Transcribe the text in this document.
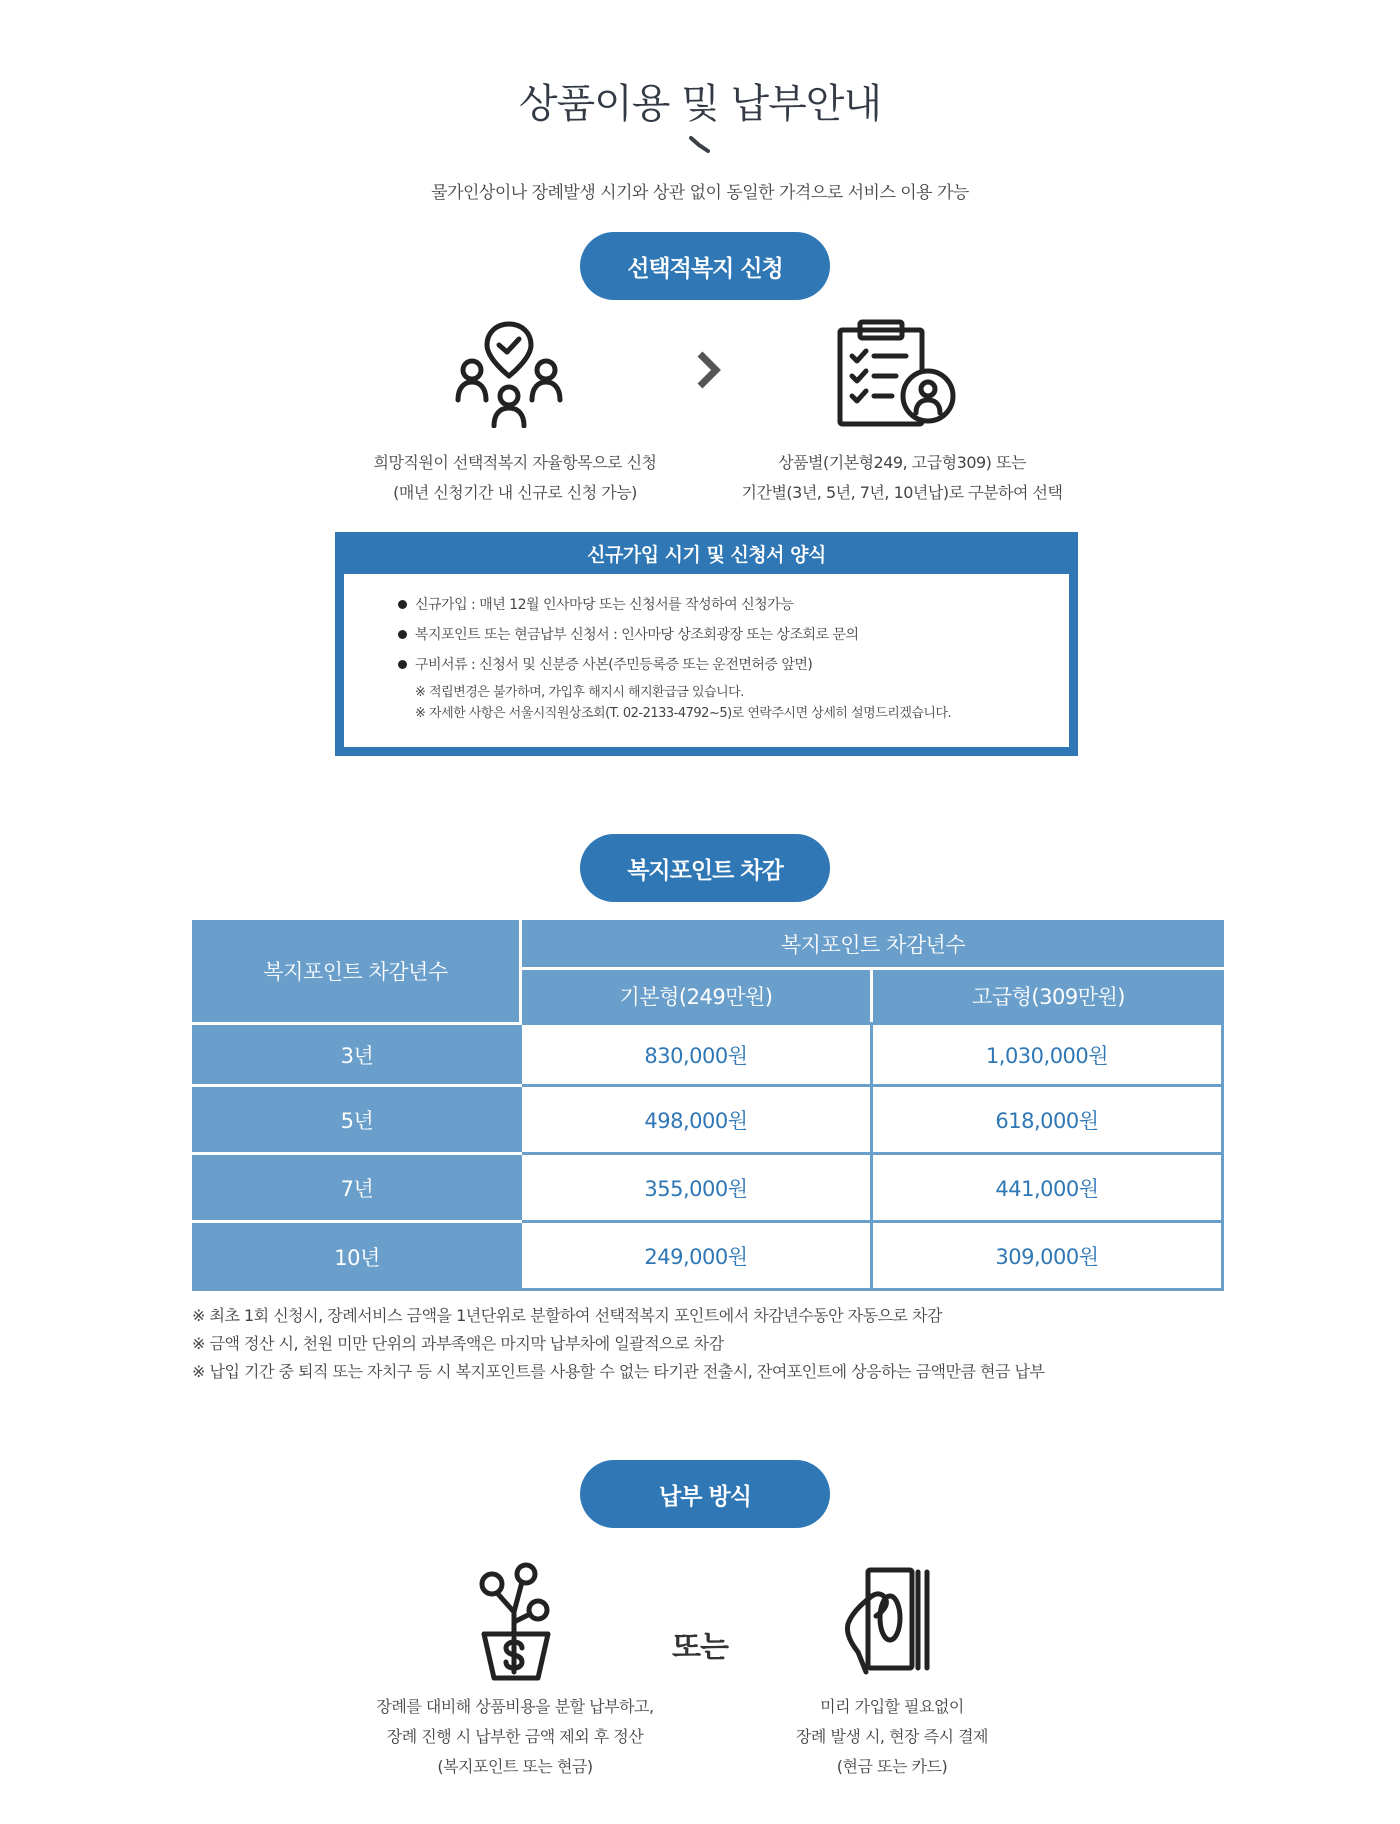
상품이용 및 납부안내
물가인상이나 장례발생 시기와 상관 없이 동일한 가격으로 서비스 이용 가능
선택적복지 신청
희망직원이 선택적복지 자율항목으로 신청
(매년 신청기간 내 신규로 신청 가능)
상품별(기본형249, 고급형309) 또는
기간별(3년, 5년, 7년, 10년납)로 구분하여 선택
신규가입 시기 및 신청서 양식
신규가입 : 매년 12월 인사마당 또는 신청서를 작성하여 신청가능
복지포인트 또는 현금납부 신청서 : 인사마당 상조회광장 또는 상조회로 문의
구비서류 : 신청서 및 신분증 사본(주민등록증 또는 운전면허증 앞면)
※ 적립변경은 불가하며, 가입후 해지시 해지환급금 있습니다.
※ 자세한 사항은 서울시직원상조회(T. 02-2133-4792~5)로 연락주시면 상세히 설명드리겠습니다.
복지포인트 차감
복지포인트 차감년수	복지포인트 차감년수	
	기본형(249만원)	고급형(309만원)
3년	830,000원	1,030,000원
5년	498,000원	618,000원
7년	355,000원	441,000원
10년	249,000원	309,000원
※ 최초 1회 신청시, 장례서비스 금액을 1년단위로 분할하여 선택적복지 포인트에서 차감년수동안 자동으로 차감
※ 금액 정산 시, 천원 미만 단위의 과부족액은 마지막 납부차에 일괄적으로 차감
※ 납입 기간 중 퇴직 또는 자치구 등 시 복지포인트를 사용할 수 없는 타기관 전출시, 잔여포인트에 상응하는 금액만큼 현금 납부
납부 방식
또는
장례를 대비해 상품비용을 분할 납부하고,
장례 진행 시 납부한 금액 제외 후 정산
(복지포인트 또는 현금)
미리 가입할 필요없이
장례 발생 시, 현장 즉시 결제
(현금 또는 카드)
